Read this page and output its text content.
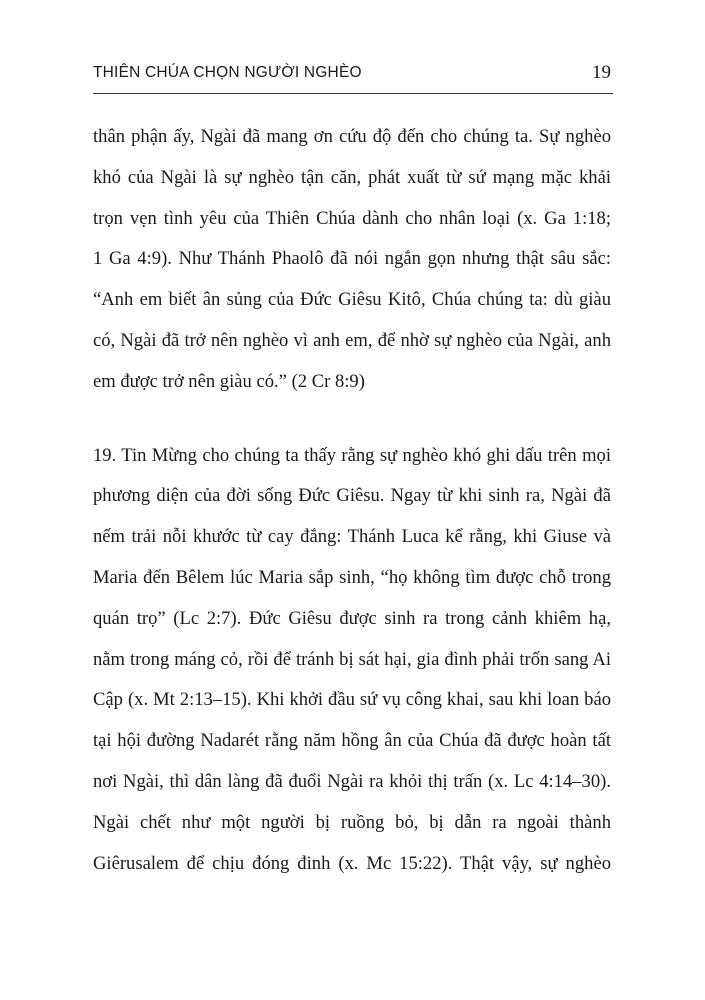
THIÊN CHÚA CHỌN NGƯỜI NGHÈO	19

thân phận ấy, Ngài đã mang ơn cứu độ đến cho chúng ta. Sự nghèo
khó của Ngài là sự nghèo tận căn, phát xuất từ sứ mạng mặc khải
trọn vẹn tình yêu của Thiên Chúa dành cho nhân loại (x. Ga 1:18;
1 Ga 4:9). Như Thánh Phaolô đã nói ngắn gọn nhưng thật sâu sắc:
“Anh em biết ân sủng của Đức Giêsu Kitô, Chúa chúng ta: dù giàu
có, Ngài đã trở nên nghèo vì anh em, để nhờ sự nghèo của Ngài, anh
em được trở nên giàu có.” (2 Cr 8:9)

19. Tin Mừng cho chúng ta thấy rằng sự nghèo khó ghi dấu trên mọi
phương diện của đời sống Đức Giêsu. Ngay từ khi sinh ra, Ngài đã
nếm trải nỗi khước từ cay đắng: Thánh Luca kể rằng, khi Giuse và
Maria đến Bêlem lúc Maria sắp sinh, “họ không tìm được chỗ trong
quán trọ” (Lc 2:7). Đức Giêsu được sinh ra trong cảnh khiêm hạ,
nằm trong máng cỏ, rồi để tránh bị sát hại, gia đình phải trốn sang Ai
Cập (x. Mt 2:13–15). Khi khởi đầu sứ vụ công khai, sau khi loan báo
tại hội đường Nadarét rằng năm hồng ân của Chúa đã được hoàn tất
nơi Ngài, thì dân làng đã đuổi Ngài ra khỏi thị trấn (x. Lc 4:14–30).
Ngài chết như một người bị ruồng bỏ, bị dẫn ra ngoài thành
Giêrusalem để chịu đóng đinh (x. Mc 15:22). Thật vậy, sự nghèo
